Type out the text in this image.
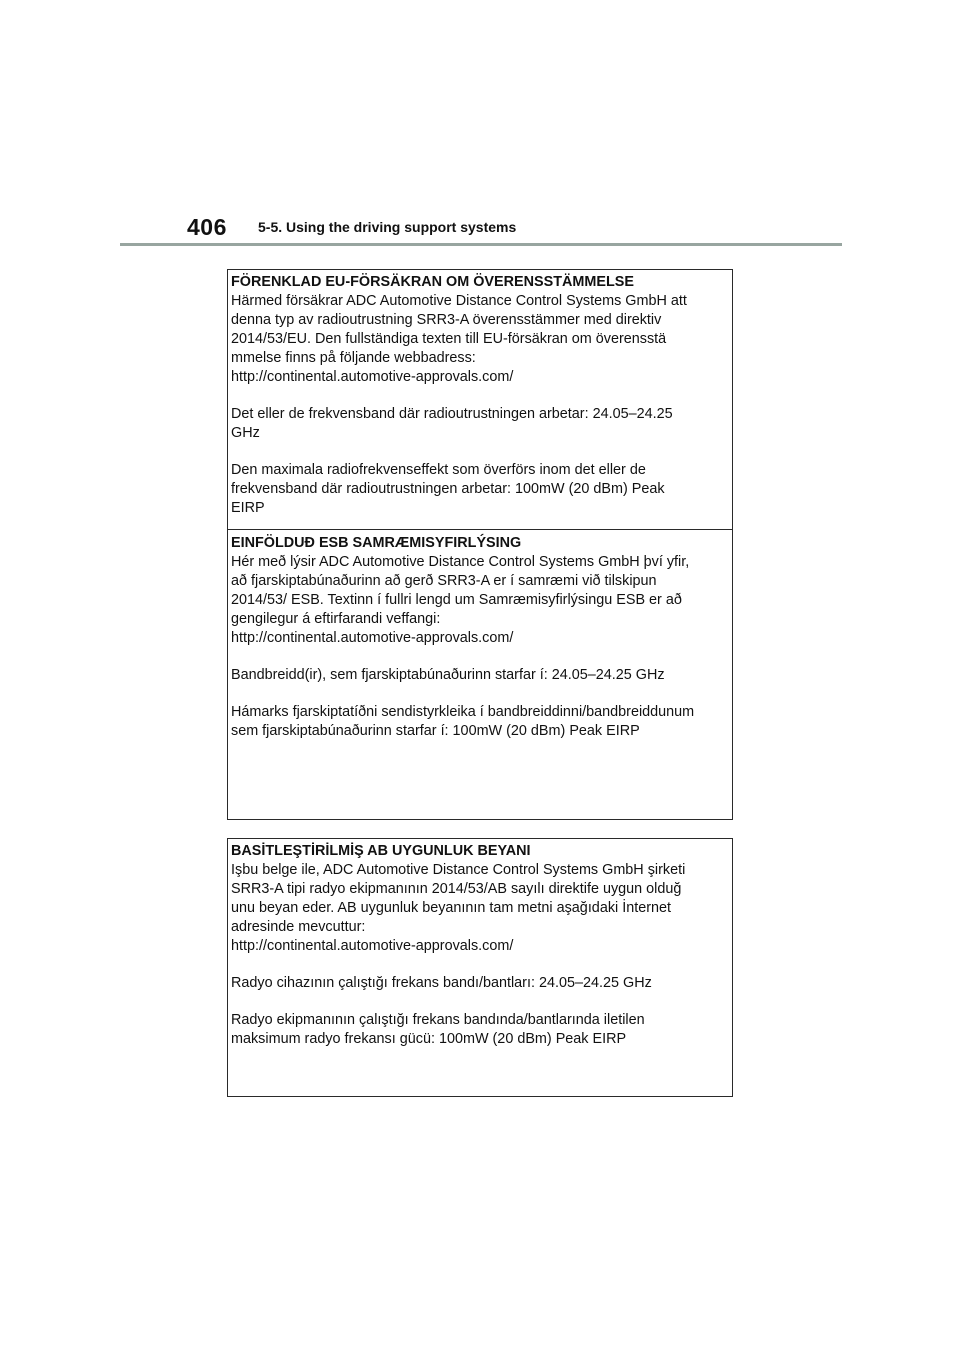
406 5-5. Using the driving support systems
FÖRENKLAD EU-FÖRSÄKRAN OM ÖVERENSSTÄMMELSE

Härmed försäkrar ADC Automotive Distance Control Systems GmbH att
denna typ av radioutrustning SRR3-A överensstämmer med direktiv
2014/53/EU. Den fullständiga texten till EU-försäkran om överensstä
mmelse finns på följande webbadress:
http://continental.automotive-approvals.com/

Det eller de frekvensband där radioutrustningen arbetar: 24.05–24.25
GHz

Den maximala radiofrekvenseffekt som överförs inom det eller de
frekvensband där radioutrustningen arbetar: 100mW (20 dBm) Peak
EIRP

EINFÖLDUÐ ESB SAMRÆMISYFIRLÝSING

Hér með lýsir ADC Automotive Distance Control Systems GmbH því yfir,
að fjarskiptabúnaðurinn að gerð SRR3-A er í samræmi við tilskipun
2014/53/ ESB. Textinn í fullri lengd um Samræmisyfirlýsingu ESB er að
gengilegur á eftirfarandi veffangi:
http://continental.automotive-approvals.com/

Bandbreidd(ir), sem fjarskiptabúnaðurinn starfar í: 24.05–24.25 GHz

Hámarks fjarskiptatíðni sendistyrkleika í bandbreiddinni/bandbreiddunum
sem fjarskiptabúnaðurinn starfar í: 100mW (20 dBm) Peak EIRP

BASİTLEŞTİRİLMİŞ AB UYGUNLUK BEYANI

Işbu belge ile, ADC Automotive Distance Control Systems GmbH şirketi
SRR3-A tipi radyo ekipmanının 2014/53/AB sayılı direktife uygun olduğ
unu beyan eder. AB uygunluk beyanının tam metni aşağıdaki İnternet
adresinde mevcuttur:
http://continental.automotive-approvals.com/

Radyo cihazının çalıştığı frekans bandı/bantları: 24.05–24.25 GHz

Radyo ekipmanının çalıştığı frekans bandında/bantlarında iletilen
maksimum radyo frekansı gücü: 100mW (20 dBm) Peak EIRP
